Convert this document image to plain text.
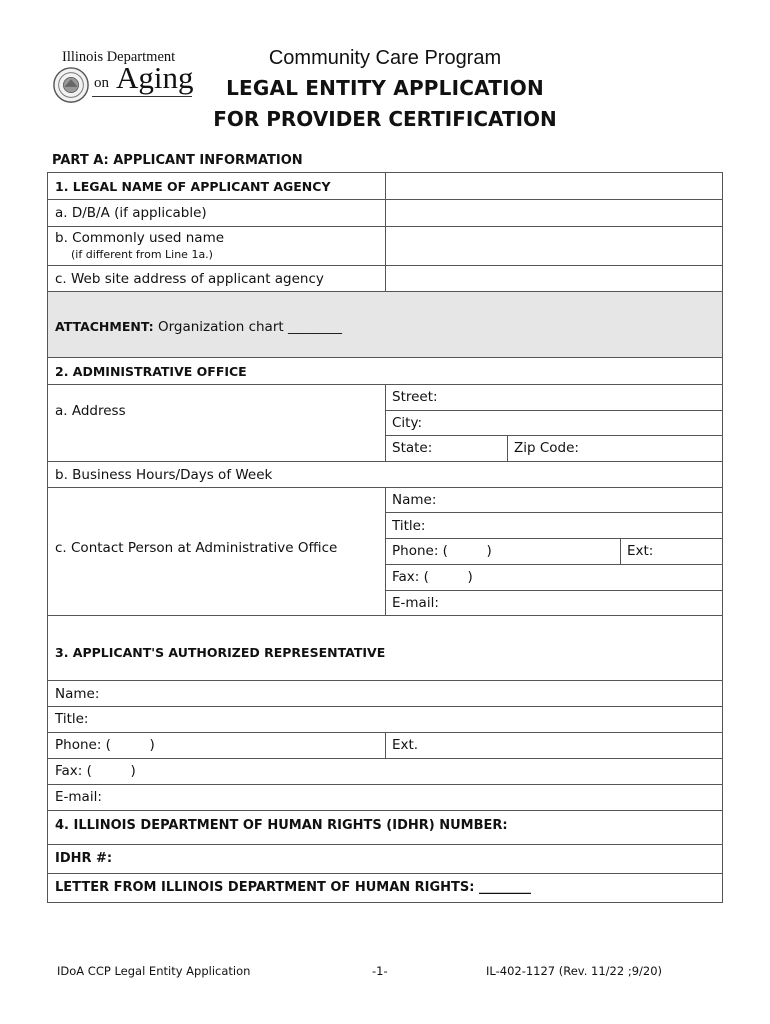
Illinois Department
on Aging
Community Care Program
LEGAL ENTITY APPLICATION
FOR PROVIDER CERTIFICATION
PART A: APPLICANT INFORMATION
1. LEGAL NAME OF APPLICANT AGENCY
a. D/B/A (if applicable)
b. Commonly used name
(if different from Line 1a.)
c. Web site address of applicant agency
ATTACHMENT: Organization chart ________
2. ADMINISTRATIVE OFFICE
a. Address
Street:
City:
State:	Zip Code:
b. Business Hours/Days of Week
c. Contact Person at Administrative Office
Name:
Title:
Phone: (         )	Ext:
Fax: (         )
E-mail:
3. APPLICANT'S AUTHORIZED REPRESENTATIVE
Name:
Title:
Phone: (         )	Ext.
Fax: (         )
E-mail:
4. ILLINOIS DEPARTMENT OF HUMAN RIGHTS (IDHR) NUMBER:
IDHR #:
LETTER FROM ILLINOIS DEPARTMENT OF HUMAN RIGHTS: ________
IDoA CCP Legal Entity Application	-1-	IL-402-1127 (Rev. 11/22 ;9/20)
